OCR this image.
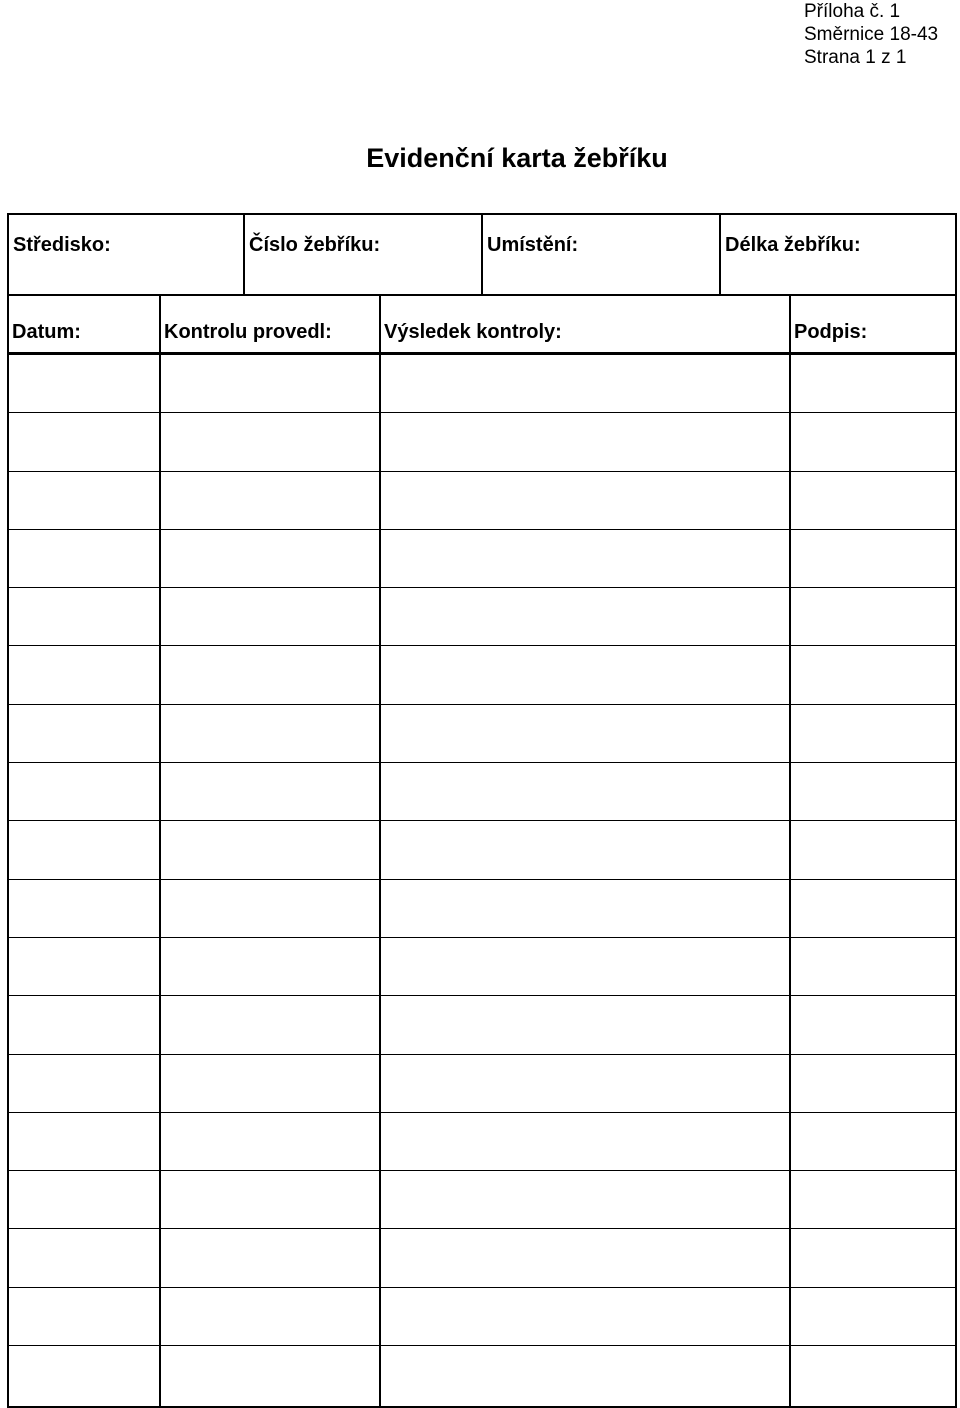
Příloha č. 1
Směrnice 18-43
Strana 1 z 1
Evidenční karta žebříku
Středisko:	Číslo žebříku:	Umístění:	Délka žebříku:
Datum:	Kontrolu provedl:	Výsledek kontroly:	Podpis:
